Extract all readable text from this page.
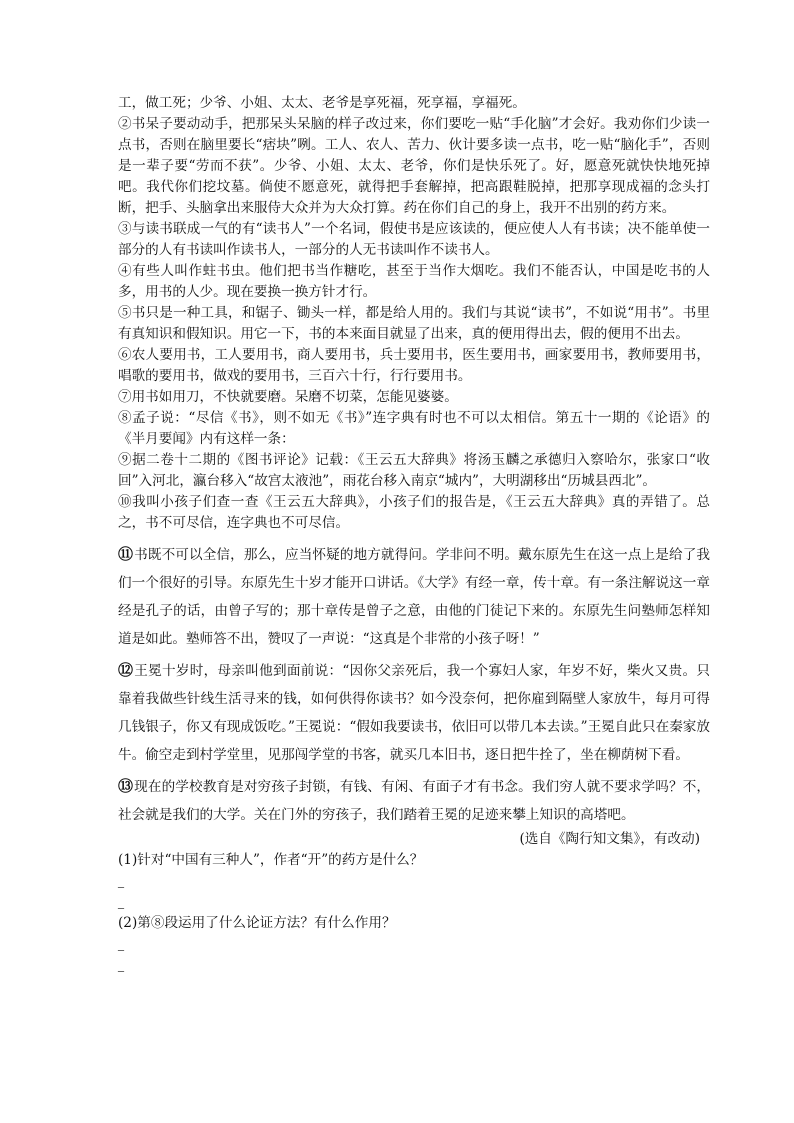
工，做工死；少爷、小姐、太太、老爷是享死福，死享福，享福死。

②书呆子要动动手，把那呆头呆脑的样子改过来，你们要吃一贴“手化脑”才会好。我劝你们少读一点书，否则在脑里要长“痞块”咧。工人、农人、苦力、伙计要多读一点书，吃一贴“脑化手”，否则是一辈子要“劳而不获”。少爷、小姐、太太、老爷，你们是快乐死了。好，愿意死就快快地死掉吧。我代你们挖坟墓。倘使不愿意死，就得把手套解掉，把高跟鞋脱掉，把那享现成福的念头打断，把手、头脑拿出来服侍大众并为大众打算。药在你们自己的身上，我开不出别的药方来。

③与读书联成一气的有“读书人”一个名词，假使书是应该读的，便应使人人有书读；决不能单使一部分的人有书读叫作读书人，一部分的人无书读叫作不读书人。

④有些人叫作蛀书虫。他们把书当作糖吃，甚至于当作大烟吃。我们不能否认，中国是吃书的人多，用书的人少。现在要换一换方针才行。

⑤书只是一种工具，和锯子、锄头一样，都是给人用的。我们与其说“读书”，不如说“用书”。书里有真知识和假知识。用它一下，书的本来面目就显了出来，真的便用得出去，假的便用不出去。

⑥农人要用书，工人要用书，商人要用书，兵士要用书，医生要用书，画家要用书，教师要用书，唱歌的要用书，做戏的要用书，三百六十行，行行要用书。

⑦用书如用刀，不快就要磨。呆磨不切菜，怎能见婆婆。

⑧孟子说：“尽信《书》，则不如无《书》”连字典有时也不可以太相信。第五十一期的《论语》的《半月要闻》内有这样一条：

⑨据二卷十二期的《图书评论》记载：《王云五大辞典》将汤玉麟之承德归入察哈尔，张家口“收回”入河北，瀛台移入“故宫太液池”，雨花台移入南京“城内”，大明湖移出“历城县西北”。

⑩我叫小孩子们查一查《王云五大辞典》，小孩子们的报告是，《王云五大辞典》真的弄错了。总之，书不可尽信，连字典也不可尽信。

⑪书既不可以全信，那么，应当怀疑的地方就得问。学非问不明。戴东原先生在这一点上是给了我们一个很好的引导。东原先生十岁才能开口讲话。《大学》有经一章，传十章。有一条注解说这一章经是孔子的话，由曾子写的；那十章传是曾子之意，由他的门徒记下来的。东原先生问塾师怎样知道是如此。塾师答不出，赞叹了一声说：“这真是个非常的小孩子呀！”

⑫王冕十岁时，母亲叫他到面前说：“因你父亲死后，我一个寡妇人家，年岁不好，柴火又贵。只靠着我做些针线生活寻来的钱，如何供得你读书？如今没奈何，把你雇到隔壁人家放牛，每月可得几钱银子，你又有现成饭吃。”王冕说：“假如我要读书，依旧可以带几本去读。”王冕自此只在秦家放牛。偷空走到村学堂里，见那闯学堂的书客，就买几本旧书，逐日把牛拴了，坐在柳荫树下看。

⑬现在的学校教育是对穷孩子封锁，有钱、有闲、有面子才有书念。我们穷人就不要求学吗？不，社会就是我们的大学。关在门外的穷孩子，我们踏着王冕的足迹来攀上知识的高塔吧。

(选自《陶行知文集》，有改动)

(1)针对“中国有三种人”，作者“开”的药方是什么？

_

_

(2)第⑧段运用了什么论证方法？有什么作用？

_

_
